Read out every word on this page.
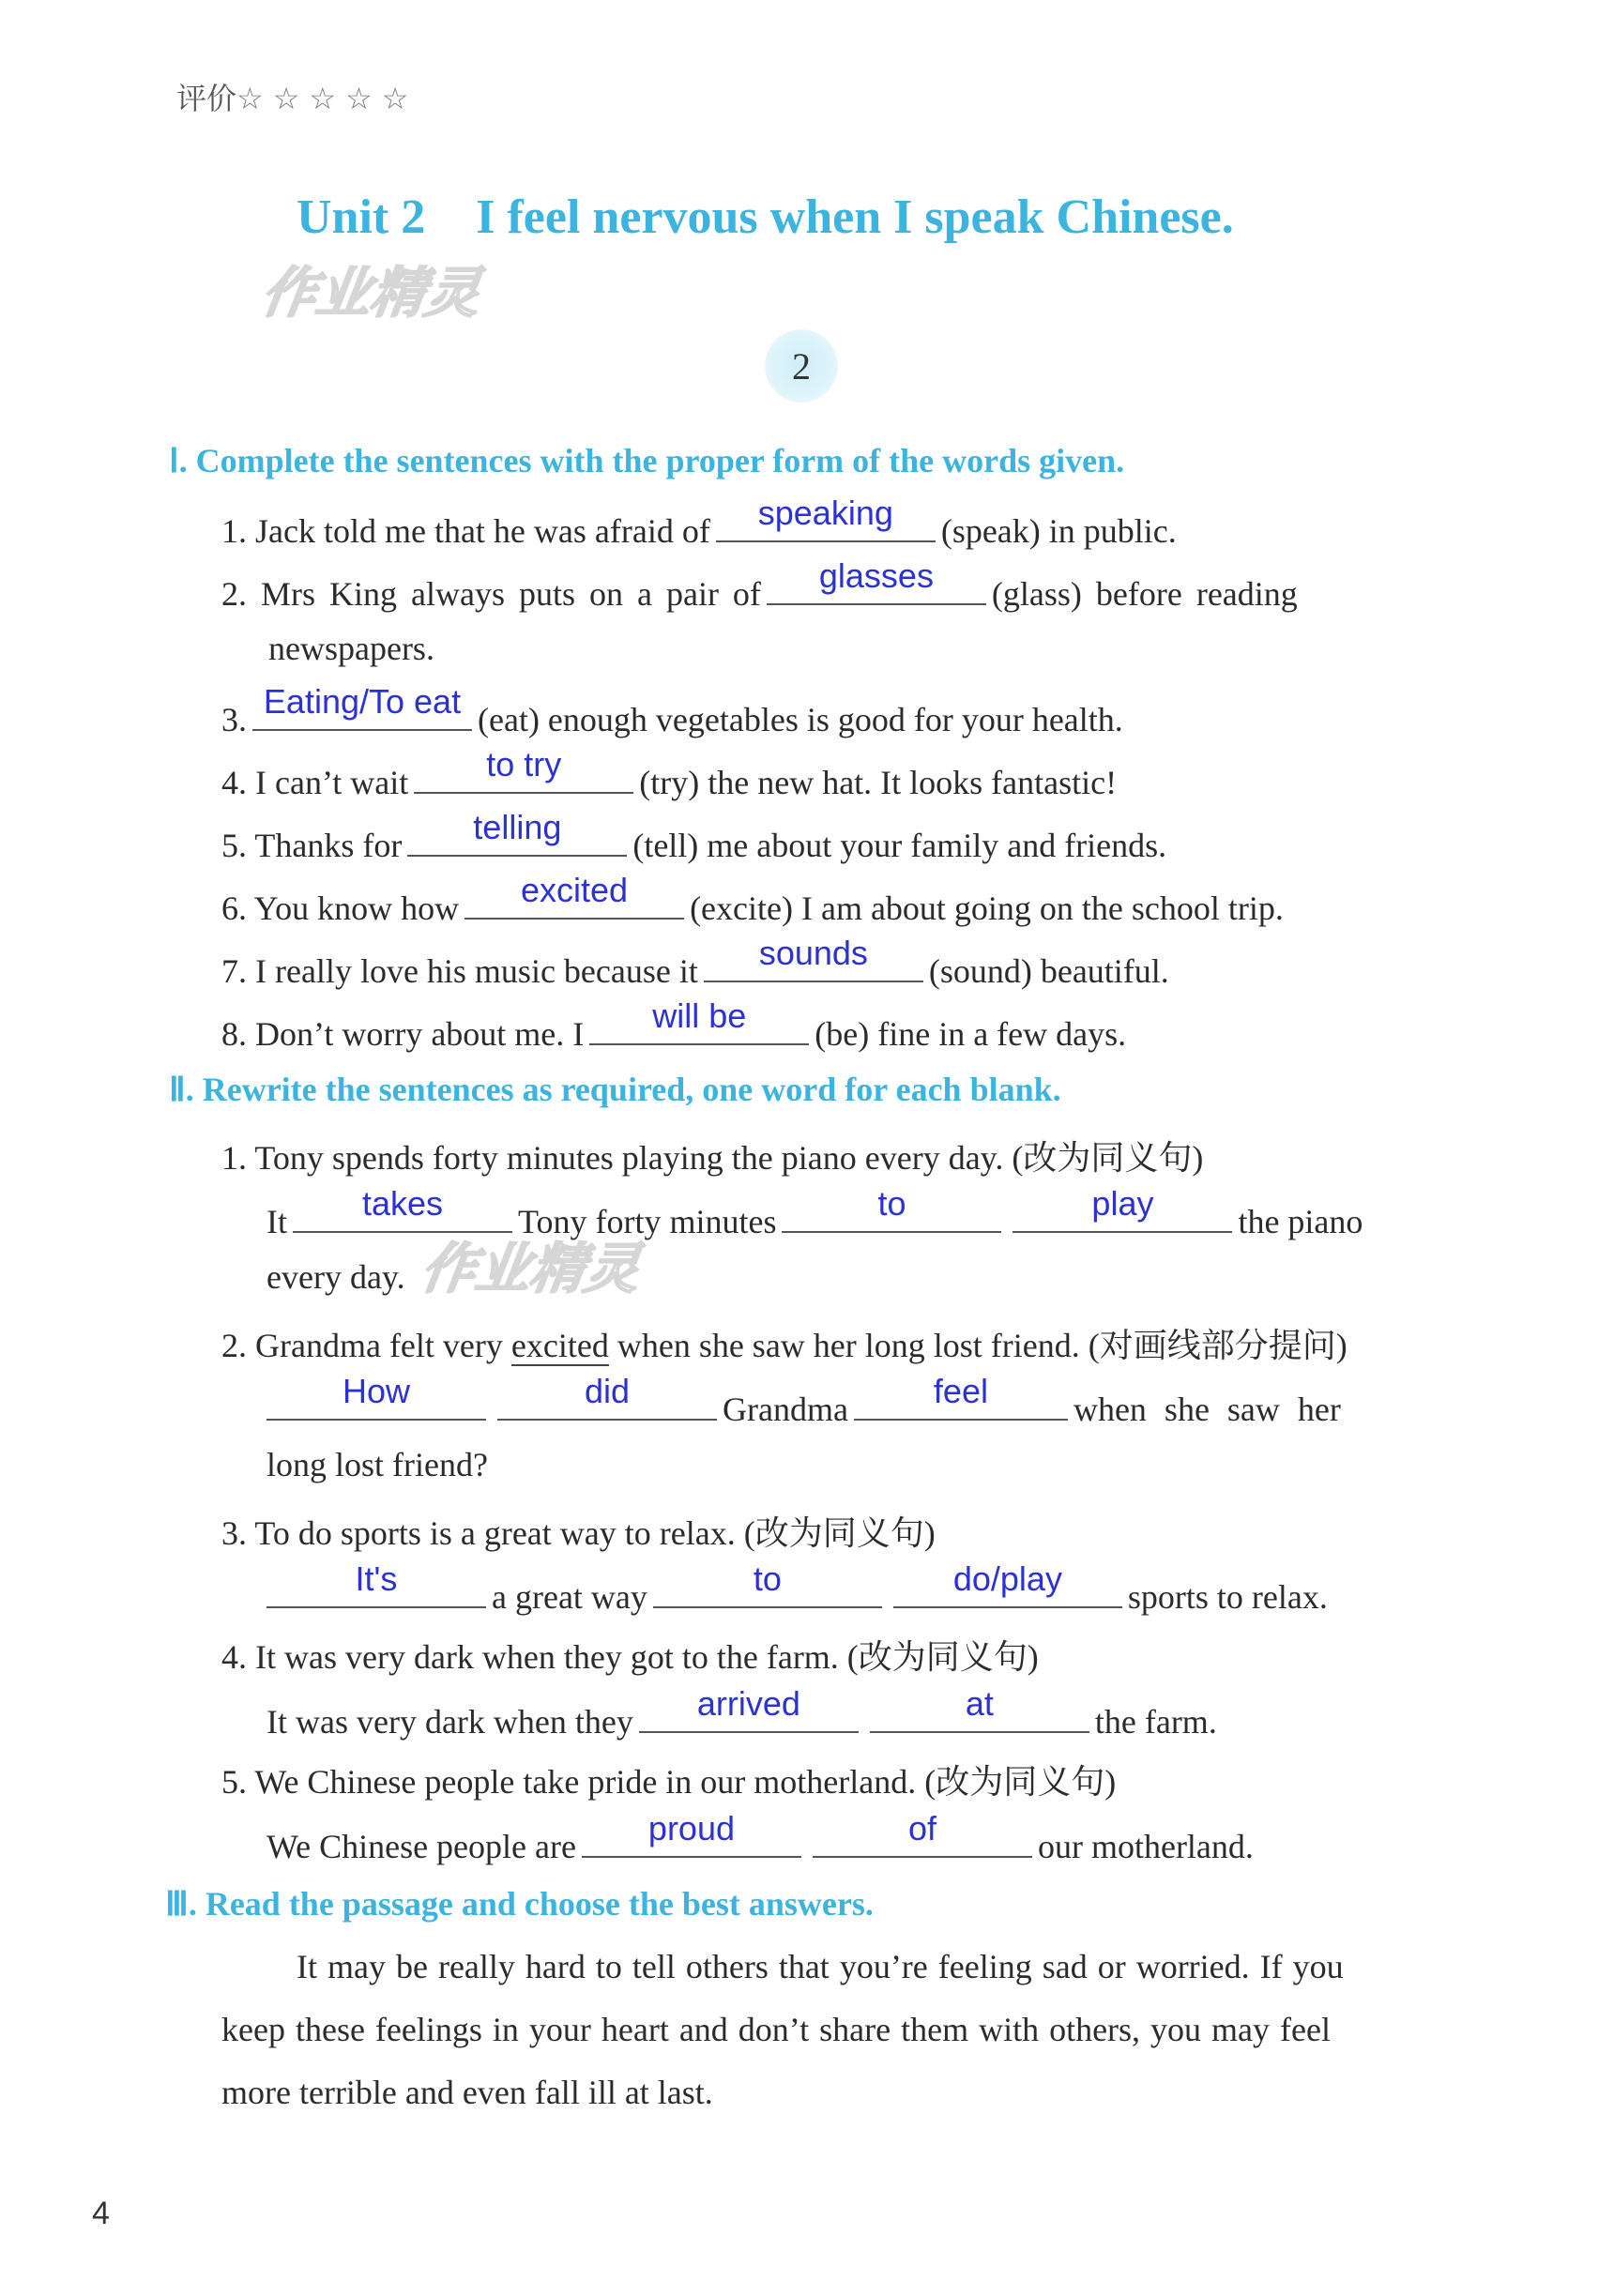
评价☆☆☆☆☆
Unit 2 I feel nervous when I speak Chinese.
作业精灵
作业精灵
2
Ⅰ. Complete the sentences with the proper form of the words given.
1. Jack told me that he was afraid of	speaking	(speak) in public.
2. Mrs King always puts on a pair of	glasses	(glass) before reading
newspapers.
3. Eating/To eat (eat) enough vegetables is good for your health.
4. I can’t wait	to try	(try) the new hat. It looks fantastic!
5. Thanks for	telling	(tell) me about your family and friends.
6. You know how	excited	(excite) I am about going on the school trip.
7. I really love his music because it	sounds	(sound) beautiful.
8. Don’t worry about me. I	will be	(be) fine in a few days.
Ⅱ. Rewrite the sentences as required, one word for each blank.
1. Tony spends forty minutes playing the piano every day. (改为同义句)
It	takes	Tony forty minutes	to	play	the piano
every day.
2. Grandma felt very excited when she saw her long lost friend. (对画线部分提问)
How	did	Grandma	feel	when she saw her
long lost friend?
3. To do sports is a great way to relax. (改为同义句)
It's	a great way	to	do/play	sports to relax.
4. It was very dark when they got to the farm. (改为同义句)
It was very dark when they	arrived	at	the farm.
5. We Chinese people take pride in our motherland. (改为同义句)
We Chinese people are	proud	of	our motherland.
Ⅲ. Read the passage and choose the best answers.
It may be really hard to tell others that you’re feeling sad or worried. If you
keep these feelings in your heart and don’t share them with others, you may feel
more terrible and even fall ill at last.
4
